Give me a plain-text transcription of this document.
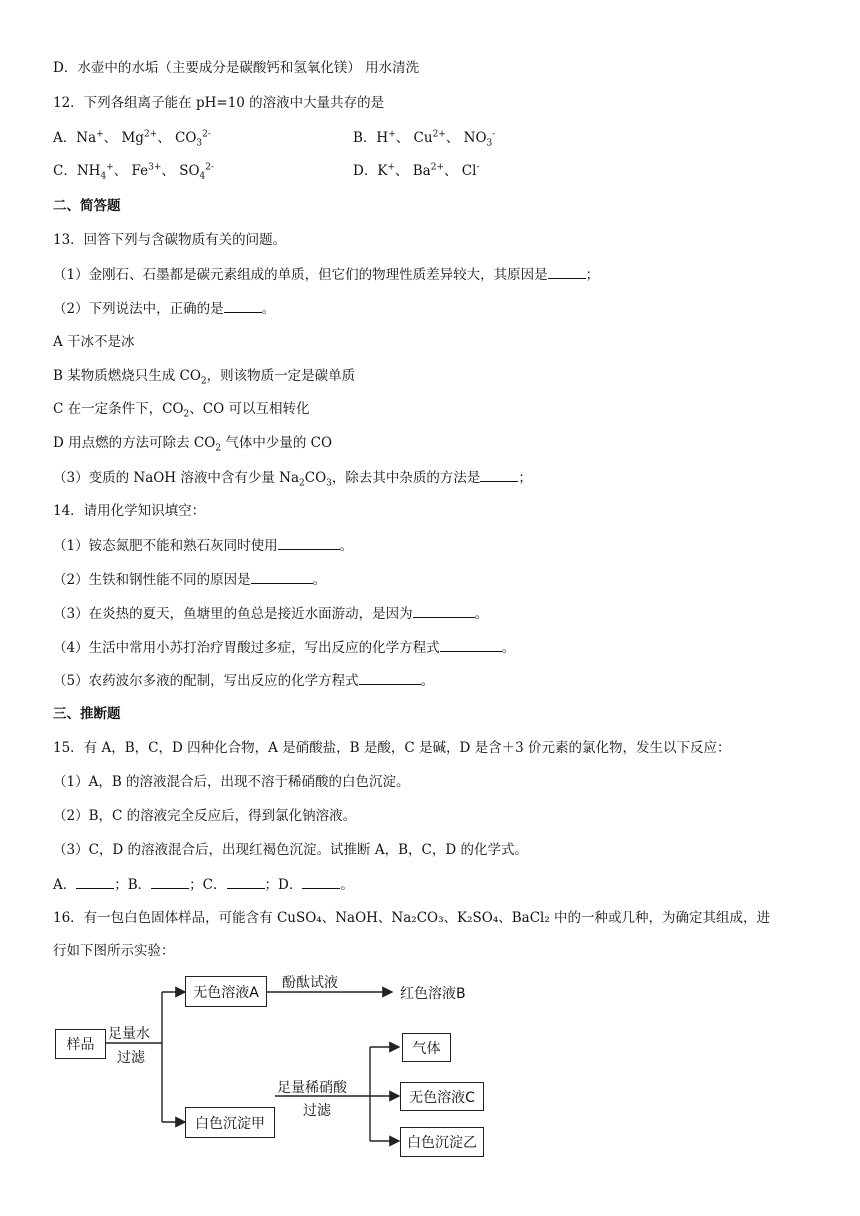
D．水壶中的水垢（主要成分是碳酸钙和氢氧化镁） 用水清洗
12．下列各组离子能在 pH=10 的溶液中大量共存的是
A．Na+、 $Mg^{2+}$、 $CO_3^{2-}$	B．H+、 $Cu^{2+}$、 $NO_3^-$
C．$NH_4^+$、 $Fe^{3+}$、 $SO_4^{2-}$	D．K+、 $Ba^{2+}$、 Cl-
二、简答题
13．回答下列与含碳物质有关的问题。
（1）金刚石、石墨都是碳元素组成的单质，但它们的物理性质差异较大，其原因是	；
（2）下列说法中，正确的是	。
A 干冰不是冰
B 某物质燃烧只生成 $CO_2$，则该物质一定是碳单质
C 在一定条件下，$CO_2$、CO 可以互相转化
D 用点燃的方法可除去 $CO_2$ 气体中少量的 CO
（3）变质的 NaOH 溶液中含有少量 $Na_2CO_3$，除去其中杂质的方法是	；
14．请用化学知识填空：
（1）铵态氮肥不能和熟石灰同时使用	。
（2）生铁和钢性能不同的原因是	。
（3）在炎热的夏天，鱼塘里的鱼总是接近水面游动，是因为	。
（4）生活中常用小苏打治疗胃酸过多症，写出反应的化学方程式	。
（5）农药波尔多液的配制，写出反应的化学方程式	。
三、推断题
15．有 A，B，C，D 四种化合物，A 是硝酸盐，B 是酸，C 是碱，D 是含＋3 价元素的氯化物，发生以下反应：
（1）A，B 的溶液混合后，出现不溶于稀硝酸的白色沉淀。
（2）B，C 的溶液完全反应后，得到氯化钠溶液。
（3）C，D 的溶液混合后，出现红褐色沉淀。试推断 A，B，C，D 的化学式。
A．	；B．	；C．	；D．	。
16．有一包白色固体样品，可能含有 CuSO₄、NaOH、Na₂CO₃、K₂SO₄、BaCl₂ 中的一种或几种，为确定其组成，进
行如下图所示实验：
样品
足量水
过滤
无色溶液A
酚酞试液
红色溶液B
白色沉淀甲
足量稀硝酸
过滤
气体
无色溶液C
白色沉淀乙
